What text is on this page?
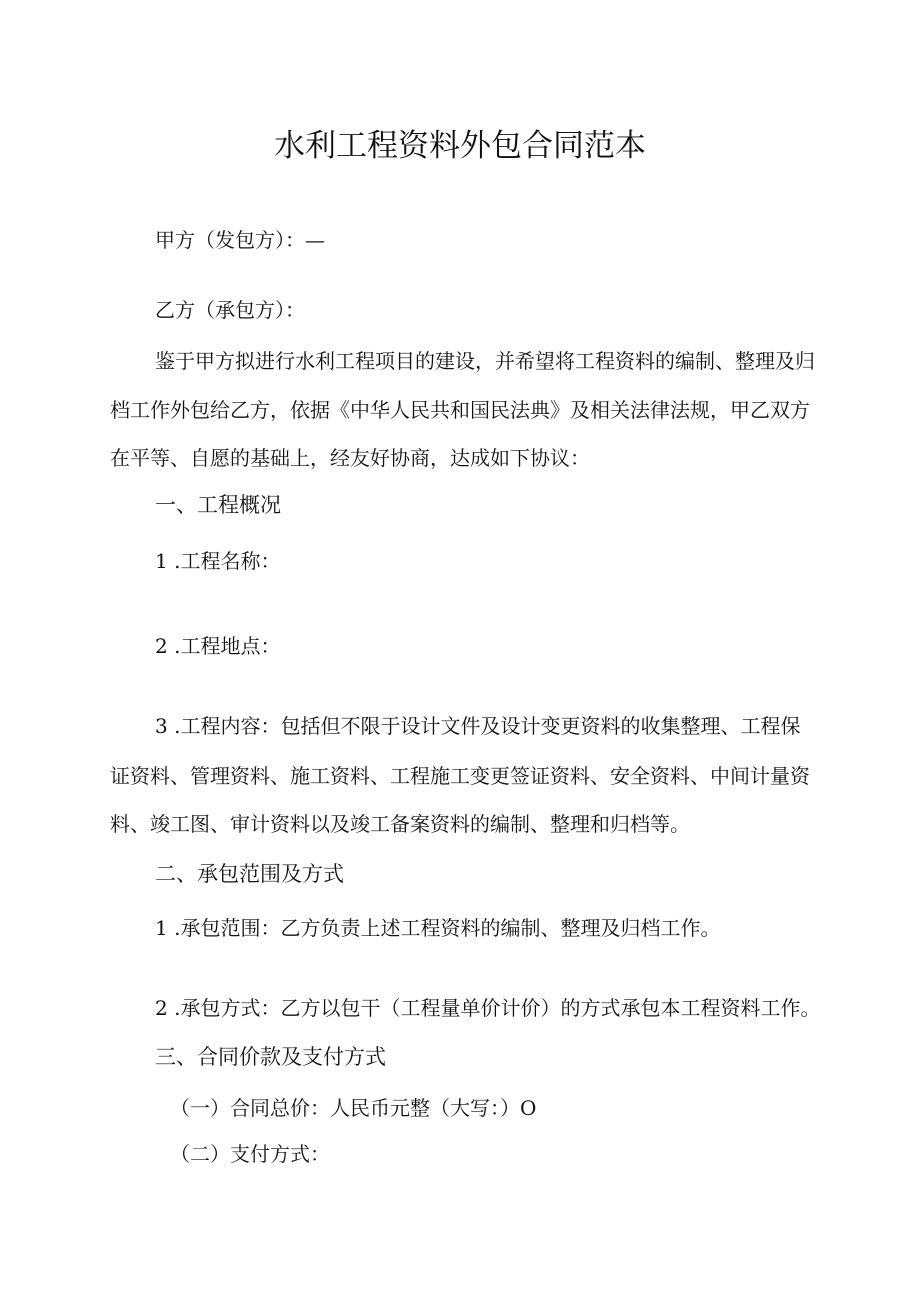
水利工程资料外包合同范本
甲方（发包方）：—
乙方（承包方）：
鉴于甲方拟进行水利工程项目的建设，并希望将工程资料的编制、整理及归
档工作外包给乙方，依据《中华人民共和国民法典》及相关法律法规，甲乙双方
在平等、自愿的基础上，经友好协商，达成如下协议：
一、工程概况
1 .工程名称：
2 .工程地点：
3 .工程内容：包括但不限于设计文件及设计变更资料的收集整理、工程保
证资料、管理资料、施工资料、工程施工变更签证资料、安全资料、中间计量资
料、竣工图、审计资料以及竣工备案资料的编制、整理和归档等。
二、承包范围及方式
1 .承包范围：乙方负责上述工程资料的编制、整理及归档工作。
2 .承包方式：乙方以包干（工程量单价计价）的方式承包本工程资料工作。
三、合同价款及支付方式
（一）合同总价：人民币元整（大写：）O
（二）支付方式：
